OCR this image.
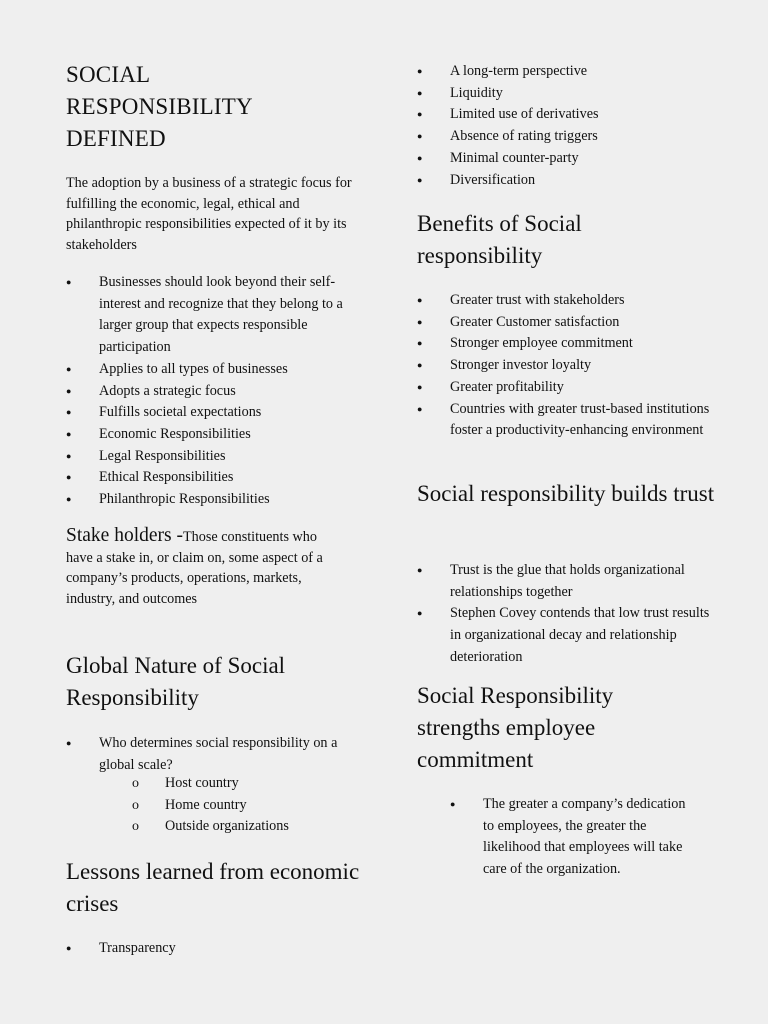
SOCIAL RESPONSIBILITY DEFINED

The adoption by a business of a strategic focus for fulfilling the economic, legal, ethical and philanthropic responsibilities expected of it by its stakeholders

● Businesses should look beyond their self-interest and recognize that they belong to a larger group that expects responsible participation
● Applies to all types of businesses
● Adopts a strategic focus
● Fulfills societal expectations
● Economic Responsibilities
● Legal Responsibilities
● Ethical Responsibilities
● Philanthropic Responsibilities

Stake holders -Those constituents who have a stake in, or claim on, some aspect of a company’s products, operations, markets, industry, and outcomes

Global Nature of Social Responsibility
● Who determines social responsibility on a global scale?
o Host country
o Home country
o Outside organizations
Lessons learned from economic crises
● Transparency
● A long-term perspective
● Liquidity
● Limited use of derivatives
● Absence of rating triggers
● Minimal counter-party
● Diversification
Benefits of Social responsibility
● Greater trust with stakeholders
● Greater Customer satisfaction
● Stronger employee commitment
● Stronger investor loyalty
● Greater profitability
● Countries with greater trust-based institutions foster a productivity-enhancing environment
Social responsibility builds trust
● Trust is the glue that holds organizational relationships together
● Stephen Covey contends that low trust results in organizational decay and relationship deterioration
Social Responsibility strengths employee commitment
● The greater a company’s dedication to employees, the greater the likelihood that employees will take care of the organization.
